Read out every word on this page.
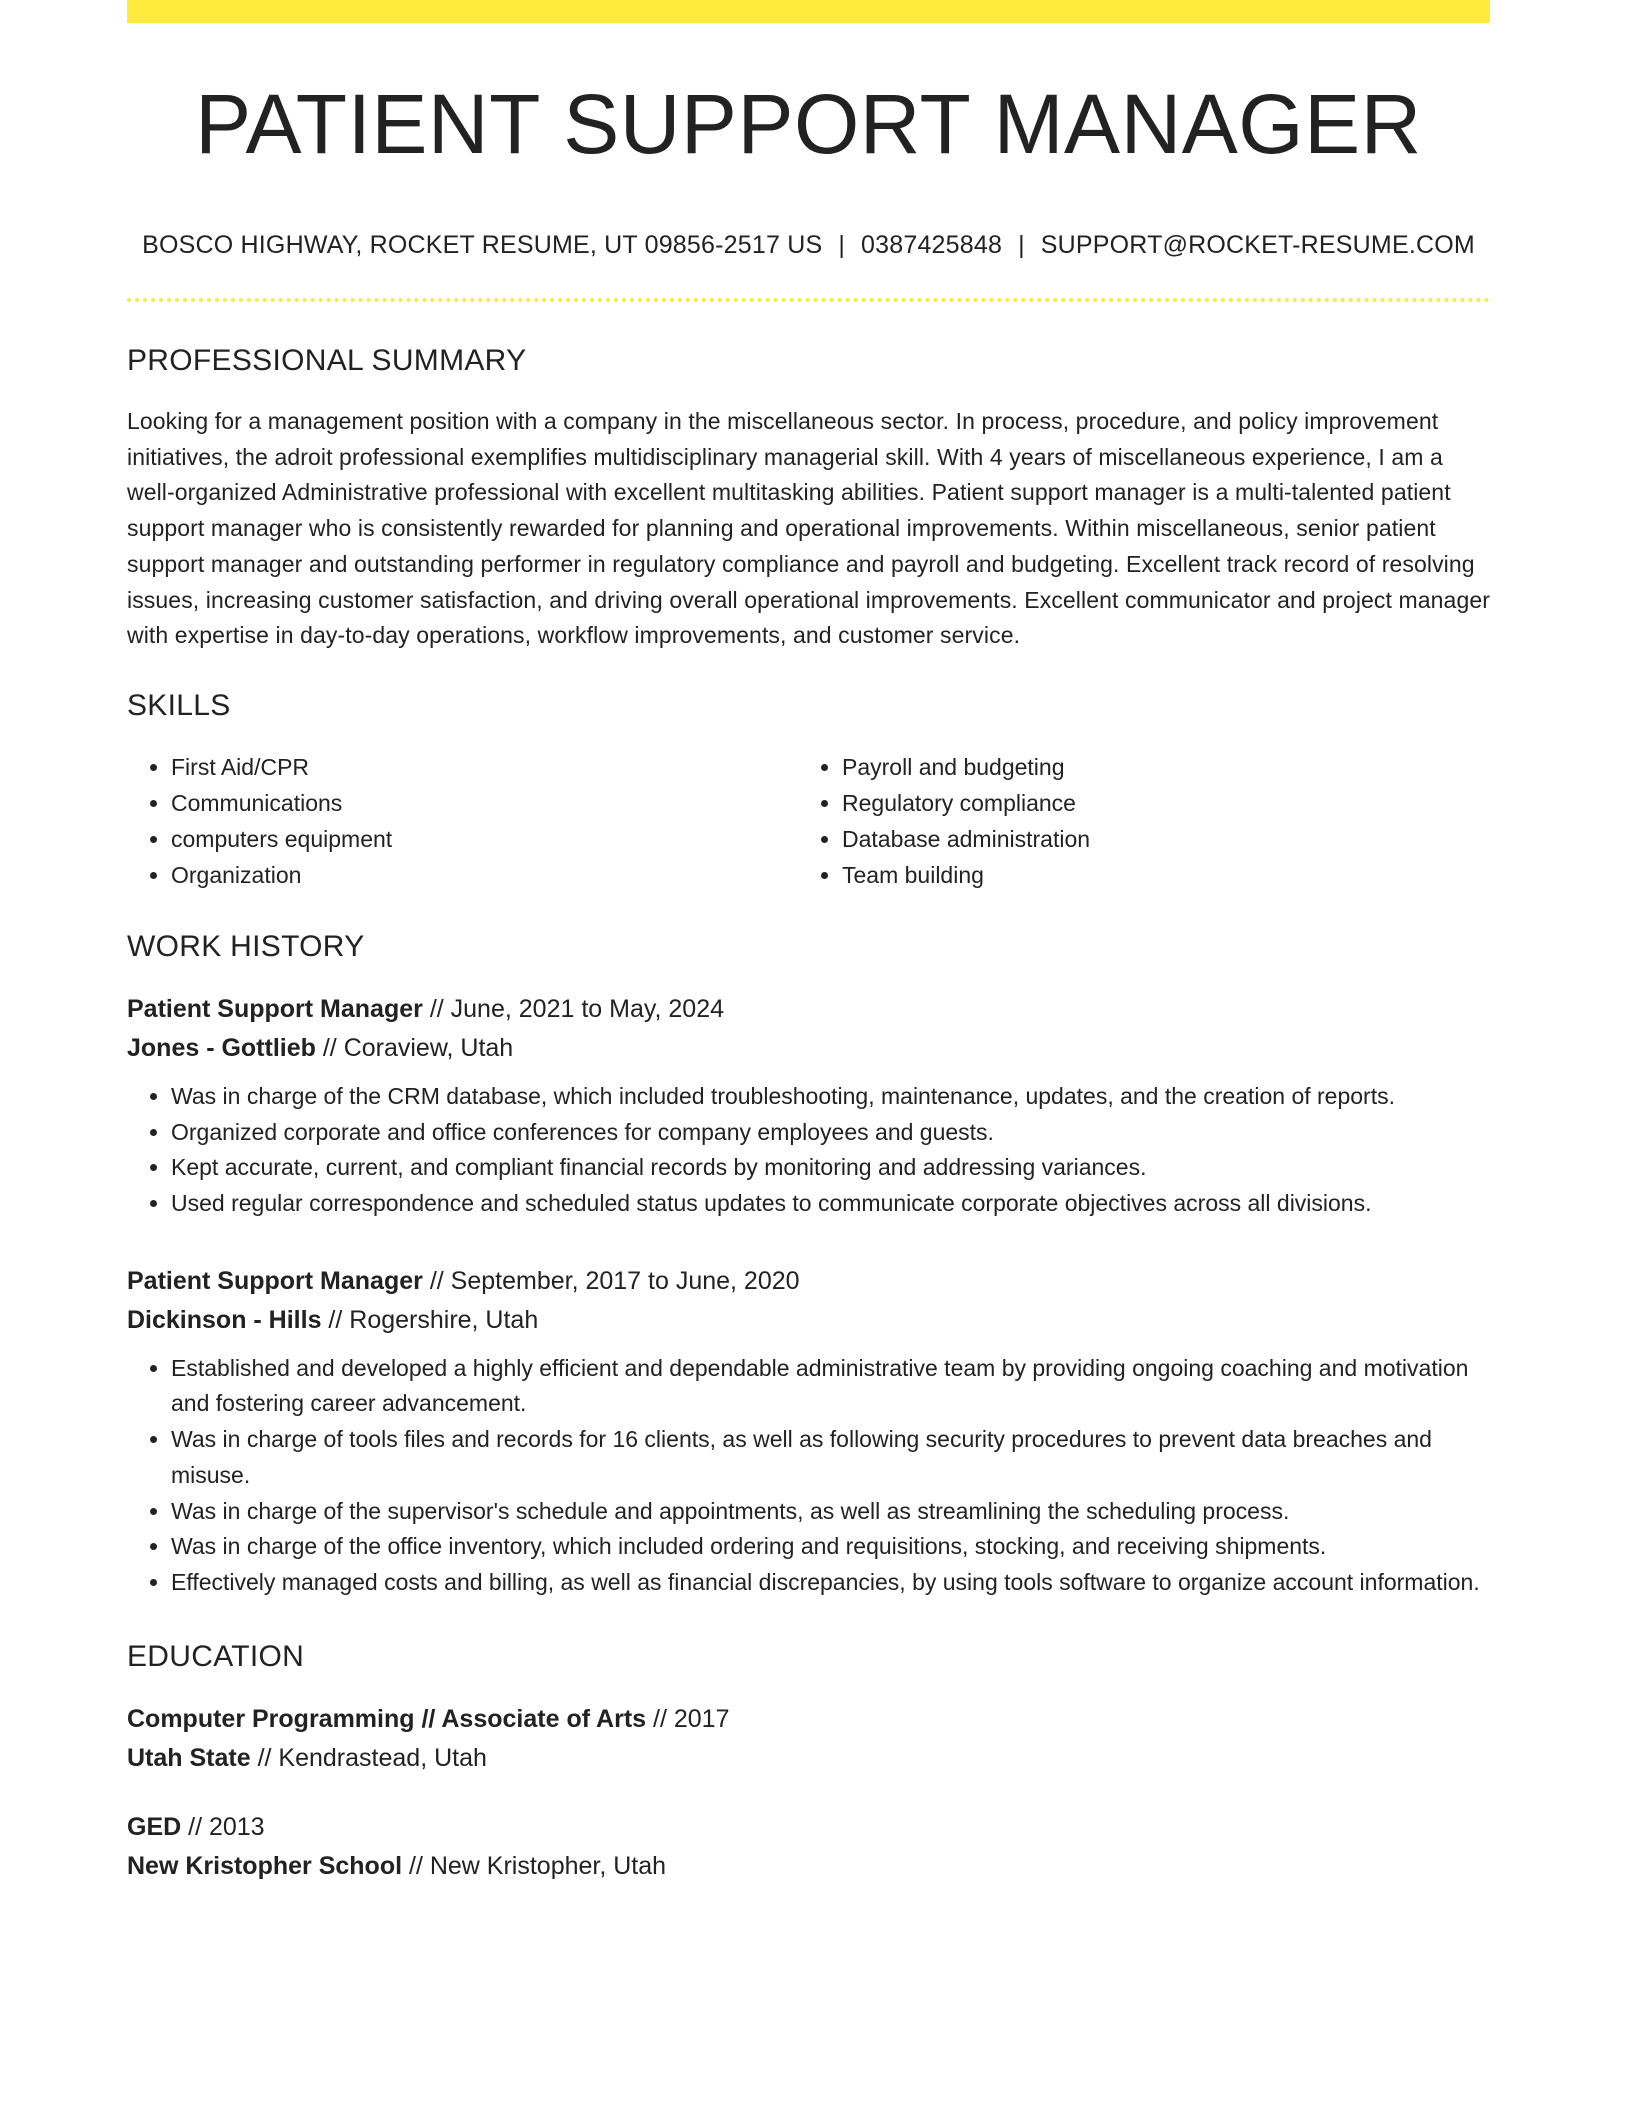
PATIENT SUPPORT MANAGER
BOSCO HIGHWAY, ROCKET RESUME, UT 09856-2517 US | 0387425848 | SUPPORT@ROCKET-RESUME.COM
PROFESSIONAL SUMMARY
Looking for a management position with a company in the miscellaneous sector. In process, procedure, and policy improvement initiatives, the adroit professional exemplifies multidisciplinary managerial skill. With 4 years of miscellaneous experience, I am a well-organized Administrative professional with excellent multitasking abilities. Patient support manager is a multi-talented patient support manager who is consistently rewarded for planning and operational improvements. Within miscellaneous, senior patient support manager and outstanding performer in regulatory compliance and payroll and budgeting. Excellent track record of resolving issues, increasing customer satisfaction, and driving overall operational improvements. Excellent communicator and project manager with expertise in day-to-day operations, workflow improvements, and customer service.
SKILLS
• First Aid/CPR
• Communications
• computers equipment
• Organization
• Payroll and budgeting
• Regulatory compliance
• Database administration
• Team building
WORK HISTORY
Patient Support Manager // June, 2021 to May, 2024
Jones - Gottlieb // Coraview, Utah
• Was in charge of the CRM database, which included troubleshooting, maintenance, updates, and the creation of reports.
• Organized corporate and office conferences for company employees and guests.
• Kept accurate, current, and compliant financial records by monitoring and addressing variances.
• Used regular correspondence and scheduled status updates to communicate corporate objectives across all divisions.
Patient Support Manager // September, 2017 to June, 2020
Dickinson - Hills // Rogershire, Utah
• Established and developed a highly efficient and dependable administrative team by providing ongoing coaching and motivation and fostering career advancement.
• Was in charge of tools files and records for 16 clients, as well as following security procedures to prevent data breaches and misuse.
• Was in charge of the supervisor's schedule and appointments, as well as streamlining the scheduling process.
• Was in charge of the office inventory, which included ordering and requisitions, stocking, and receiving shipments.
• Effectively managed costs and billing, as well as financial discrepancies, by using tools software to organize account information.
EDUCATION
Computer Programming // Associate of Arts // 2017
Utah State // Kendrastead, Utah
GED // 2013
New Kristopher School // New Kristopher, Utah
